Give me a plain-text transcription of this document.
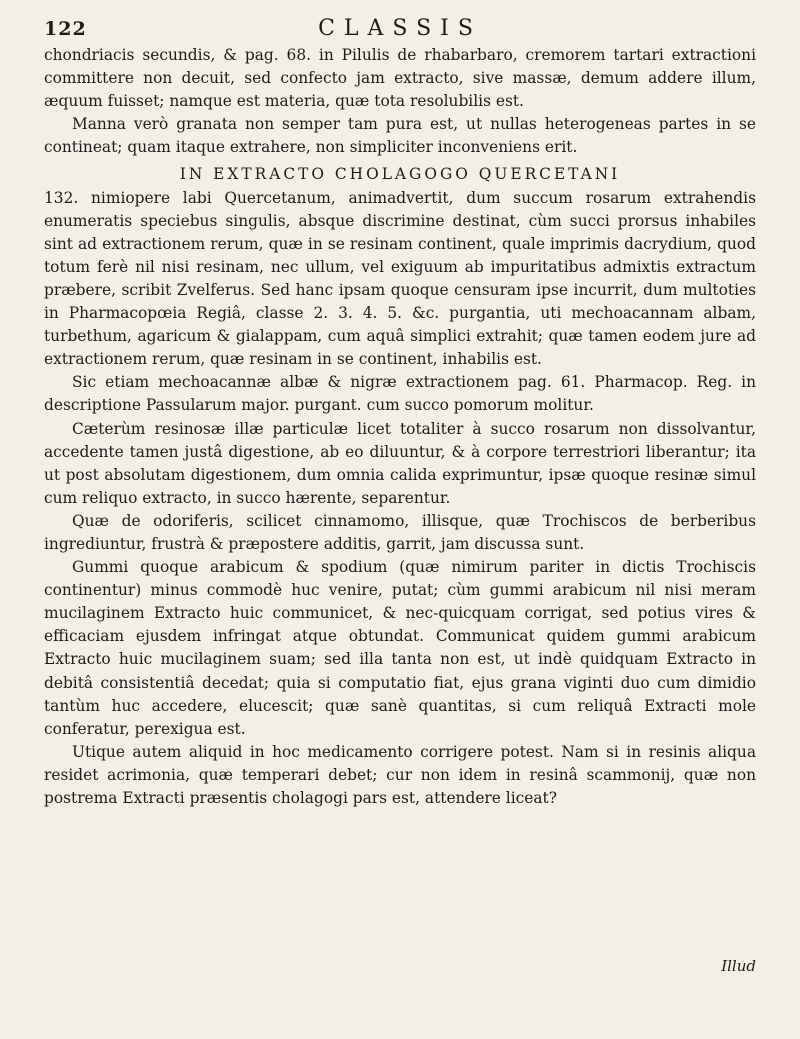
122	CLASSIS

chondriacis secundis, & pag. 68. in Pilulis de rhabarbaro, cremorem tartari extractioni committere non decuit, sed confecto jam extracto, sive massæ, demum addere illum, æquum fuisset; namque est materia, quæ tota resolubilis est.

Manna verò granata non semper tam pura est, ut nullas heterogeneas partes in se contineat; quam itaque extrahere, non simpliciter inconveniens erit.

IN EXTRACTO CHOLAGOGO QUERCETANI

132. nimiopere labi Quercetanum, animadvertit, dum succum rosarum extrahendis enumeratis speciebus singulis, absque discrimine destinat, cùm succi prorsus inhabiles sint ad extractionem rerum, quæ in se resinam continent, quale imprimis dacrydium, quod totum ferè nil nisi resinam, nec ullum, vel exiguum ab impuritatibus admixtis extractum præbere, scribit Zvelferus. Sed hanc ipsam quoque censuram ipse incurrit, dum multoties in Pharmacopœia Regiâ, classe 2. 3. 4. 5. &c. purgantia, uti mechoacannam albam, turbethum, agaricum & gialappam, cum aquâ simplici extrahit; quæ tamen eodem jure ad extractionem rerum, quæ resinam in se continent, inhabilis est.

Sic etiam mechoacannæ albæ & nigræ extractionem pag. 61. Pharmacop. Reg. in descriptione Passularum major. purgant. cum succo pomorum molitur.

Cæterùm resinosæ illæ particulæ licet totaliter à succo rosarum non dissolvantur, accedente tamen justâ digestione, ab eo diluuntur, & à corpore terrestriori liberantur; ita ut post absolutam digestionem, dum omnia calida exprimuntur, ipsæ quoque resinæ simul cum reliquo extracto, in succo hærente, separentur.

Quæ de odoriferis, scilicet cinnamomo, illisque, quæ Trochiscos de berberibus ingrediuntur, frustrà & præpostere additis, garrit, jam discussa sunt.

Gummi quoque arabicum & spodium (quæ nimirum pariter in dictis Trochiscis continentur) minus commodè huc venire, putat; cùm gummi arabicum nil nisi meram mucilaginem Extracto huic communicet, & nec-quicquam corrigat, sed potius vires & efficaciam ejusdem infringat atque obtundat. Communicat quidem gummi arabicum Extracto huic mucilaginem suam; sed illa tanta non est, ut indè quidquam Extracto in debitâ consistentiâ decedat; quia si computatio fiat, ejus grana viginti duo cum dimidio tantùm huc accedere, elucescit; quæ sanè quantitas, si cum reliquâ Extracti mole conferatur, perexigua est.

Utique autem aliquid in hoc medicamento corrigere potest. Nam si in resinis aliqua residet acrimonia, quæ temperari debet; cur non idem in resinâ scammonij, quæ non postrema Extracti præsentis cholagogi pars est, attendere liceat?

Illud
